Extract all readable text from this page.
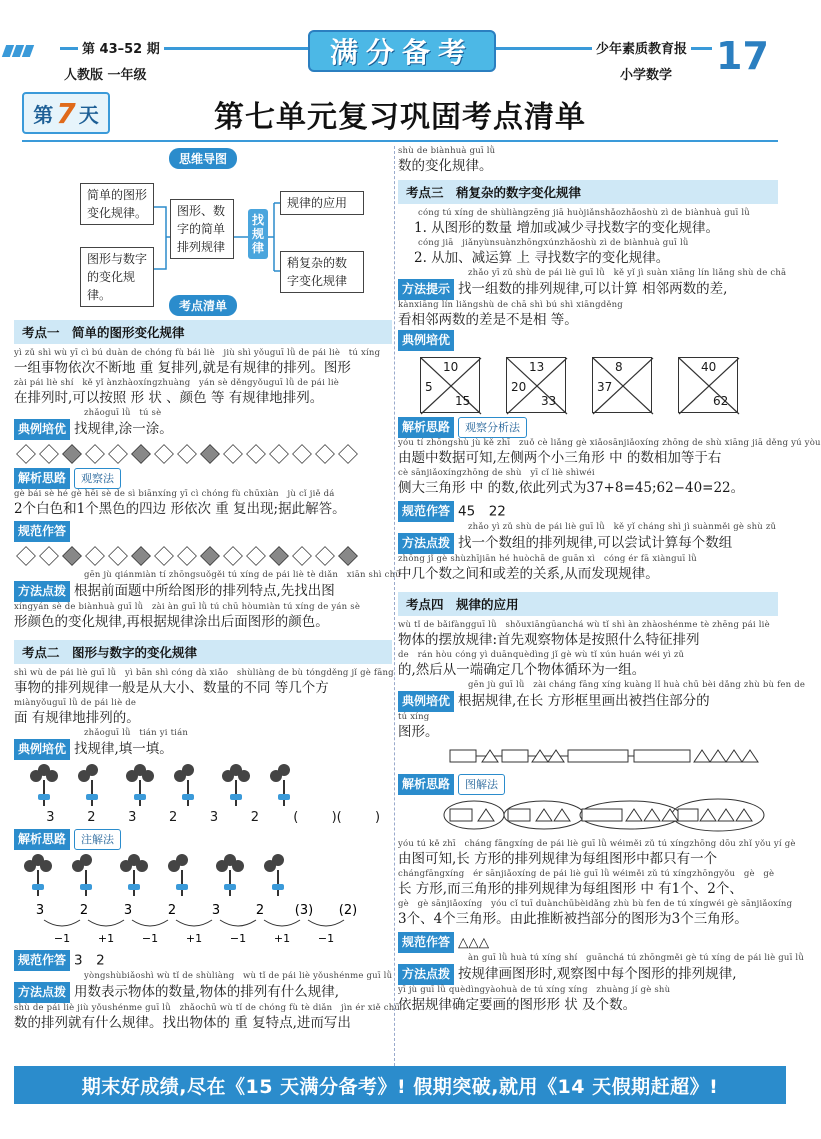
第 43–52 期
人教版 一年级
满分备考	少年素质教育报
小学数学 17
第 7 天	第七单元复习巩固考点清单
思维导图
简单的图形变化规律。
图形与数字的变化规律。
图形、数字的简单排列规律
找规律
规律的应用
稍复杂的数字变化规律
考点清单
考点一　简单的图形变化规律
yì zǔ shì wù yī cì bú duàn de chóng fù bái liè　jiù shì yǒuguī lǜ de pái liè　tú xíng
一组事物依次不断地 重 复排列,就是有规律的排列。图形
zài pái liè shí　kě yǐ ànzhàoxíngzhuàng　yán sè děngyǒuguī lǜ de pái liè
在排列时,可以按照 形 状 、颜色 等 有规律地排列。
zhǎoguī lǜ　tú sè
典例培优 找规律,涂一涂。
解析思路 观察法
gè bái sè hé gè hēi sè de sì biānxíng yī cì chóng fù chūxiàn　jù cǐ jiě dá
2个白色和1个黑色的四边 形依次 重 复出现;据此解答。
规范作答
gēn jù qiánmiàn tí zhōngsuǒgěi tú xíng de pái liè tè diǎn　xiān shì chū
方法点拨 根据前面题中所给图形的排列特点,先找出图
xíngyán sè de biànhuà guī lǜ　zài àn guī lǜ tú chū hòumiàn tú xíng de yán sè
形颜色的变化规律,再根据规律涂出后面图形的颜色。
考点二　图形与数字的变化规律
shì wù de pái liè guī lǜ　yì bān shì cóng dà xiǎo　shùliàng de bù tóngděng jǐ gè fāng
事物的排列规律一般是从大小、数量的不同 等几个方
miànyǒuguī lǜ de pái liè de
面 有规律地排列的。
zhǎoguī lǜ　tián yi tián
典例培优 找规律,填一填。
3	2	3	2	3	2	(	)(	)
解析思路 注解法
3	2	3	2	3	2 (3) (2)
−1	+1	−1	+1	−1	+1	−1
规范作答 3　2
yòngshùbiǎoshì wù tǐ de shùliàng　wù tǐ de pái liè yǒushénme guī lǜ
方法点拨 用数表示物体的数量,物体的排列有什么规律,
shù de pái liè jiù yǒushénme guī lǜ　zhǎochū wù tǐ de chóng fù tè diǎn　jìn ér xiě chū
数的排列就有什么规律。找出物体的 重 复特点,进而写出
shù de biànhuà guī lǜ
数的变化规律。
考点三　稍复杂的数字变化规律
cóng tú xíng de shùliàngzēng jiā huòjiǎnshǎozhǎoshù zì de biànhuà guī lǜ
1. 从图形的数量 增加或减少寻找数字的变化规律。
cóng jiā　jiǎnyùnsuànzhōngxúnzhǎoshù zì de biànhuà guī lǜ
2. 从加、减运算 上 寻找数字的变化规律。
zhǎo yī zǔ shù de pái liè guī lǜ　kě yǐ jì suàn xiāng lín liǎng shù de chā
方法提示 找一组数的排列规律,可以计算 相邻两数的差,
kànxiāng lín liǎngshù de chā shì bú shì xiāngděng
看相邻两数的差是不是相 等。
典例培优
10
5
15
13
20
33
8
37
40
62
解析思路 观察分析法
yóu tí zhōngshù jù kě zhī　zuǒ cè liǎng gè xiǎosānjiǎoxíng zhōng de shù xiāng jiā děng yú yòu
由题中数据可知,左侧两个小三角形 中 的数相加等于右
cè sānjiǎoxíngzhōng de shù　yī cǐ liè shìwéi
侧大三角形 中 的数,依此列式为37+8=45;62−40=22。
规范作答 45　22
zhǎo yì zǔ shù de pái liè guī lǜ　kě yǐ cháng shì jì suànměi gè shù zǔ
方法点拨 找一个数组的排列规律,可以尝试计算每个数组
zhōng jǐ gè shùzhījiān hé huòchā de guān xì　cóng ér fā xiànguī lǜ
中几个数之间和或差的关系,从而发现规律。
考点四　规律的应用
wù tǐ de bǎifàngguī lǜ　shǒuxiāngūanchá wù tǐ shì àn zhàoshénme tè zhēng pái liè
物体的摆放规律:首先观察物体是按照什么特征排列
de　rán hòu cóng yì duānquèdìng jǐ gè wù tǐ xún huán wéi yì zǔ
的,然后从一端确定几个物体循环为一组。
gēn jù guī lǜ　zài cháng fāng xíng kuàng lǐ huà chū bèi dǎng zhù bù fen de
典例培优 根据规律,在长 方形框里画出被挡住部分的
tú xíng
图形。
解析思路 图解法
yóu tú kě zhī　cháng fāngxíng de pái liè guī lǜ wéiměi zǔ tú xíngzhōng dōu zhǐ yǒu yí gè
由图可知,长 方形的排列规律为每组图形中都只有一个
chángfāngxíng　ér sānjiǎoxíng de pái liè guī lǜ wéiměi zǔ tú xíngzhōngyǒu　gè　gè
长 方形,而三角形的排列规律为每组图形 中 有1个、2个、
gè　gè sānjiǎoxíng　yóu cǐ tuī duànchūbèidǎng zhù bù fen de tú xíngwéi gè sānjiǎoxíng
3个、4个三角形。由此推断被挡部分的图形为3个三角形。
规范作答 △△△
àn guī lǜ huà tú xíng shí　guānchá tú zhōngměi gè tú xíng de pái liè guī lǜ
方法点拨 按规律画图形时,观察图中每个图形的排列规律,
yī jù guī lǜ quèdìngyàohuà de tú xíng xíng　zhuàng jí gè shù
依据规律确定要画的图形形 状 及个数。
期末好成绩,尽在《15 天满分备考》! 假期突破,就用《14 天假期赶超》!
